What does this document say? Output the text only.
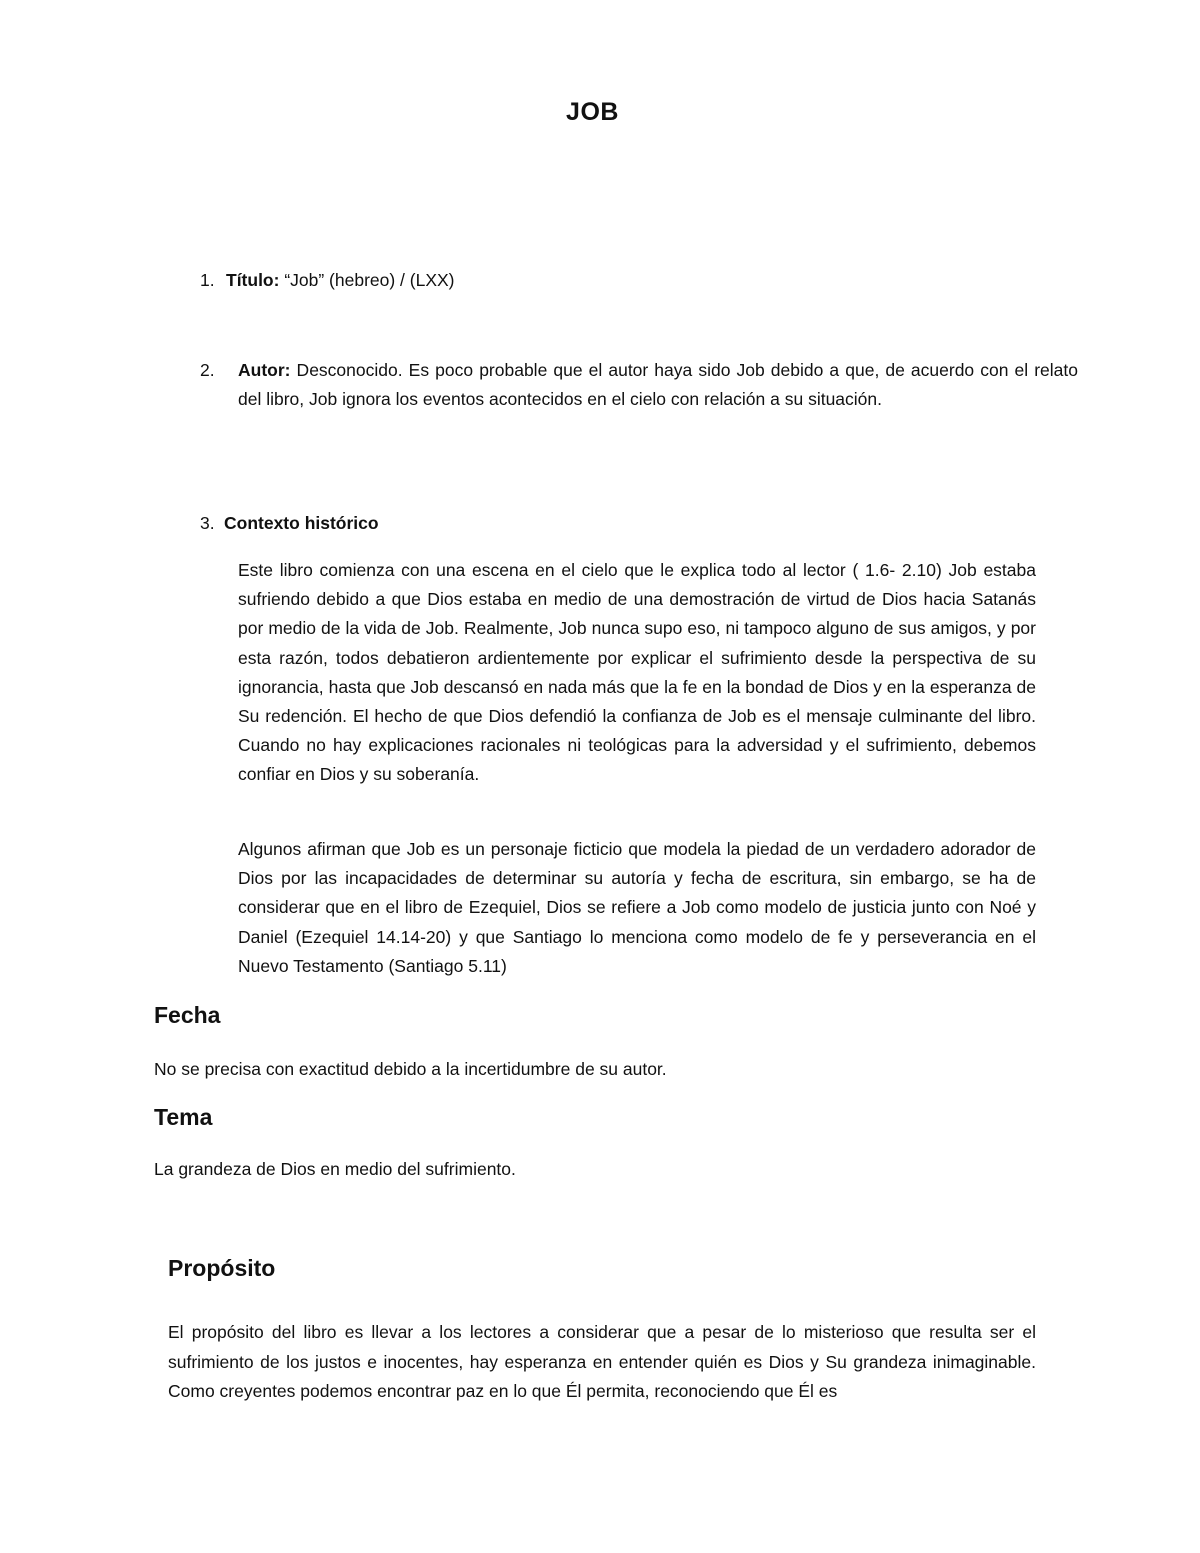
JOB
1. Título: “Job” (hebreo) / (LXX)
2. Autor: Desconocido. Es poco probable que el autor haya sido Job debido a que, de acuerdo con el relato del libro, Job ignora los eventos acontecidos en el cielo con relación a su situación.
3. Contexto histórico

Este libro comienza con una escena en el cielo que le explica todo al lector ( 1.6- 2.10) Job estaba sufriendo debido a que Dios estaba en medio de una demostración de virtud de Dios hacia Satanás por medio de la vida de Job. Realmente, Job nunca supo eso, ni tampoco alguno de sus amigos, y por esta razón, todos debatieron ardientemente por explicar el sufrimiento desde la perspectiva de su ignorancia, hasta que Job descansó en nada más que la fe en la bondad de Dios y en la esperanza de Su redención. El hecho de que Dios defendió la confianza de Job es el mensaje culminante del libro. Cuando no hay explicaciones racionales ni teológicas para la adversidad y el sufrimiento, debemos confiar en Dios y su soberanía.

Algunos afirman que Job es un personaje ficticio que modela la piedad de un verdadero adorador de Dios por las incapacidades de determinar su autoría y fecha de escritura, sin embargo, se ha de considerar que en el libro de Ezequiel, Dios se refiere a Job como modelo de justicia junto con Noé y Daniel (Ezequiel 14.14-20) y que Santiago lo menciona como modelo de fe y perseverancia en el Nuevo Testamento (Santiago 5.11)

Fecha
No se precisa con exactitud debido a la incertidumbre de su autor.
Tema
La grandeza de Dios en medio del sufrimiento.
Propósito

El propósito del libro es llevar a los lectores a considerar que a pesar de lo misterioso que resulta ser el sufrimiento de los justos e inocentes, hay esperanza en entender quién es Dios y Su grandeza inimaginable. Como creyentes podemos encontrar paz en lo que Él permita, reconociendo que Él es
